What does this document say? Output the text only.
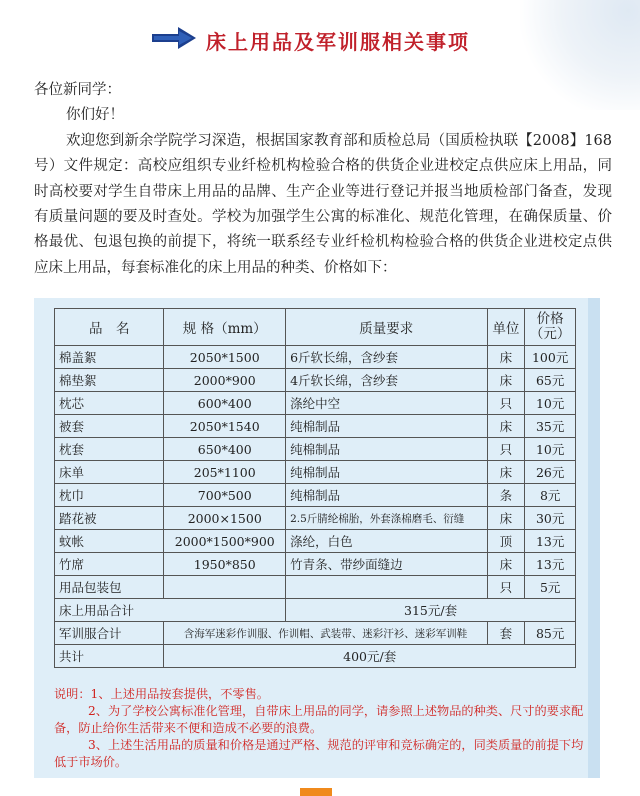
床上用品及军训服相关事项

各位新同学：

你们好！

欢迎您到新余学院学习深造，根据国家教育部和质检总局（国质检执联【2008】168号）文件规定：高校应组织专业纤检机构检验合格的供货企业进校定点供应床上用品，同时高校要对学生自带床上用品的品牌、生产企业等进行登记并报当地质检部门备查，发现有质量问题的要及时查处。学校为加强学生公寓的标准化、规范化管理，在确保质量、价格最优、包退包换的前提下，将统一联系经专业纤检机构检验合格的供货企业进校定点供应床上用品，每套标准化的床上用品的种类、价格如下：

品　名	规 格（mm）	质量要求	单位	价格（元）
棉盖絮	2050*1500	6斤软长绵，含纱套	床	100元
棉垫絮	2000*900	4斤软长绵，含纱套	床	65元
枕芯	600*400	涤纶中空	只	10元
被套	2050*1540	纯棉制品	床	35元
枕套	650*400	纯棉制品	只	10元
床单	205*1100	纯棉制品	床	26元
枕巾	700*500	纯棉制品	条	8元
踏花被	2000×1500	2.5斤腈纶棉胎，外套涤棉磨毛、衍缝	床	30元
蚊帐	2000*1500*900	涤纶，白色	顶	13元
竹席	1950*850	竹青条、带纱面缝边	床	13元
用品包装包			只	5元
床上用品合计		315元/套		
军训服合计	含海军迷彩作训服、作训帽、武装带、迷彩汗衫、迷彩军训鞋		套	85元
共计	400元/套			

说明：1、上述用品按套提供，不零售。

2、为了学校公寓标准化管理，自带床上用品的同学，请参照上述物品的种类、尺寸的要求配备，防止给你生活带来不便和造成不必要的浪费。

3、上述生活用品的质量和价格是通过严格、规范的评审和竞标确定的，同类质量的前提下均低于市场价。
